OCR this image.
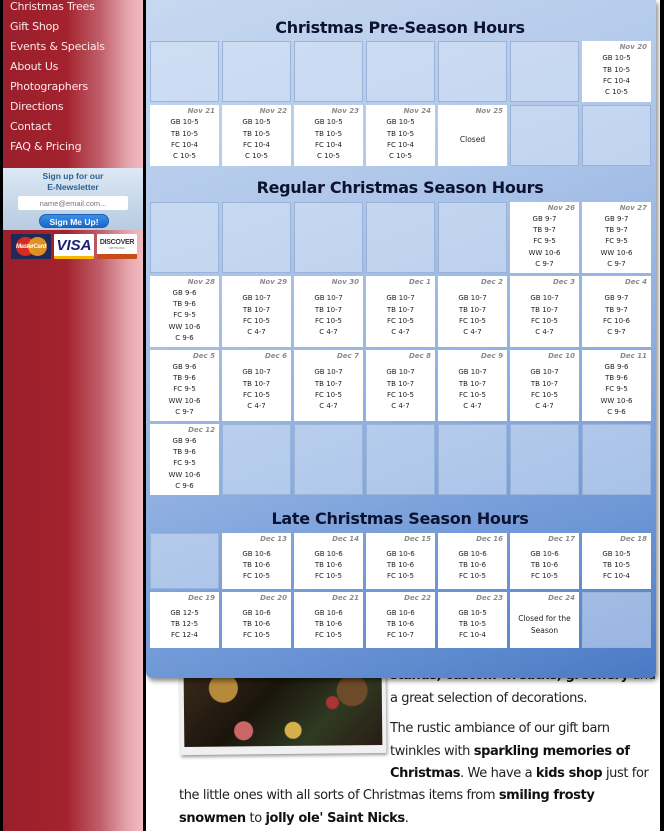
Christmas Trees
Gift Shop
Events & Specials
About Us
Photographers
Directions
Contact
FAQ & Pricing
Sign up for our
E-Newsletter
name@email.com...
Sign Me Up!
MasterCard VISA DISCOVER
NETWORK
Christmas Pre-Season Hours
Nov 20
GB 10-5
TB 10-5
FC 10-4
C 10-5
Nov 21
GB 10-5
TB 10-5
FC 10-4
C 10-5
Nov 22
GB 10-5
TB 10-5
FC 10-4
C 10-5
Nov 23
GB 10-5
TB 10-5
FC 10-4
C 10-5
Nov 24
GB 10-5
TB 10-5
FC 10-4
C 10-5
Nov 25
Closed
Regular Christmas Season Hours
Nov 26
GB 9-7
TB 9-7
FC 9-5
WW 10-6
C 9-7
Nov 27
GB 9-7
TB 9-7
FC 9-5
WW 10-6
C 9-7
Nov 28
GB 9-6
TB 9-6
FC 9-5
WW 10-6
C 9-6
Nov 29
GB 10-7
TB 10-7
FC 10-5
C 4-7
Nov 30
GB 10-7
TB 10-7
FC 10-5
C 4-7
Dec 1
GB 10-7
TB 10-7
FC 10-5
C 4-7
Dec 2
GB 10-7
TB 10-7
FC 10-5
C 4-7
Dec 3
GB 10-7
TB 10-7
FC 10-5
C 4-7
Dec 4
GB 9-7
TB 9-7
FC 10-6
C 9-7
Dec 5
GB 9-6
TB 9-6
FC 9-5
WW 10-6
C 9-7
Dec 6
GB 10-7
TB 10-7
FC 10-5
C 4-7
Dec 7
GB 10-7
TB 10-7
FC 10-5
C 4-7
Dec 8
GB 10-7
TB 10-7
FC 10-5
C 4-7
Dec 9
GB 10-7
TB 10-7
FC 10-5
C 4-7
Dec 10
GB 10-7
TB 10-7
FC 10-5
C 4-7
Dec 11
GB 9-6
TB 9-6
FC 9-5
WW 10-6
C 9-6
Dec 12
GB 9-6
TB 9-6
FC 9-5
WW 10-6
C 9-6
Late Christmas Season Hours
Dec 13
GB 10-6
TB 10-6
FC 10-5
Dec 14
GB 10-6
TB 10-6
FC 10-5
Dec 15
GB 10-6
TB 10-6
FC 10-5
Dec 16
GB 10-6
TB 10-6
FC 10-5
Dec 17
GB 10-6
TB 10-6
FC 10-5
Dec 18
GB 10-5
TB 10-5
FC 10-4
Dec 19
GB 12-5
TB 12-5
FC 12-4
Dec 20
GB 10-6
TB 10-6
FC 10-5
Dec 21
GB 10-6
TB 10-6
FC 10-5
Dec 22
GB 10-6
TB 10-6
FC 10-7
Dec 23
GB 10-5
TB 10-5
FC 10-4
Dec 24
Closed for the Season
a great selection of decorations.
The rustic ambiance of our gift barn
twinkles with sparkling memories of
Christmas. We have a kids shop just for
the little ones with all sorts of Christmas items from smiling frosty
snowmen to jolly ole' Saint Nicks.
